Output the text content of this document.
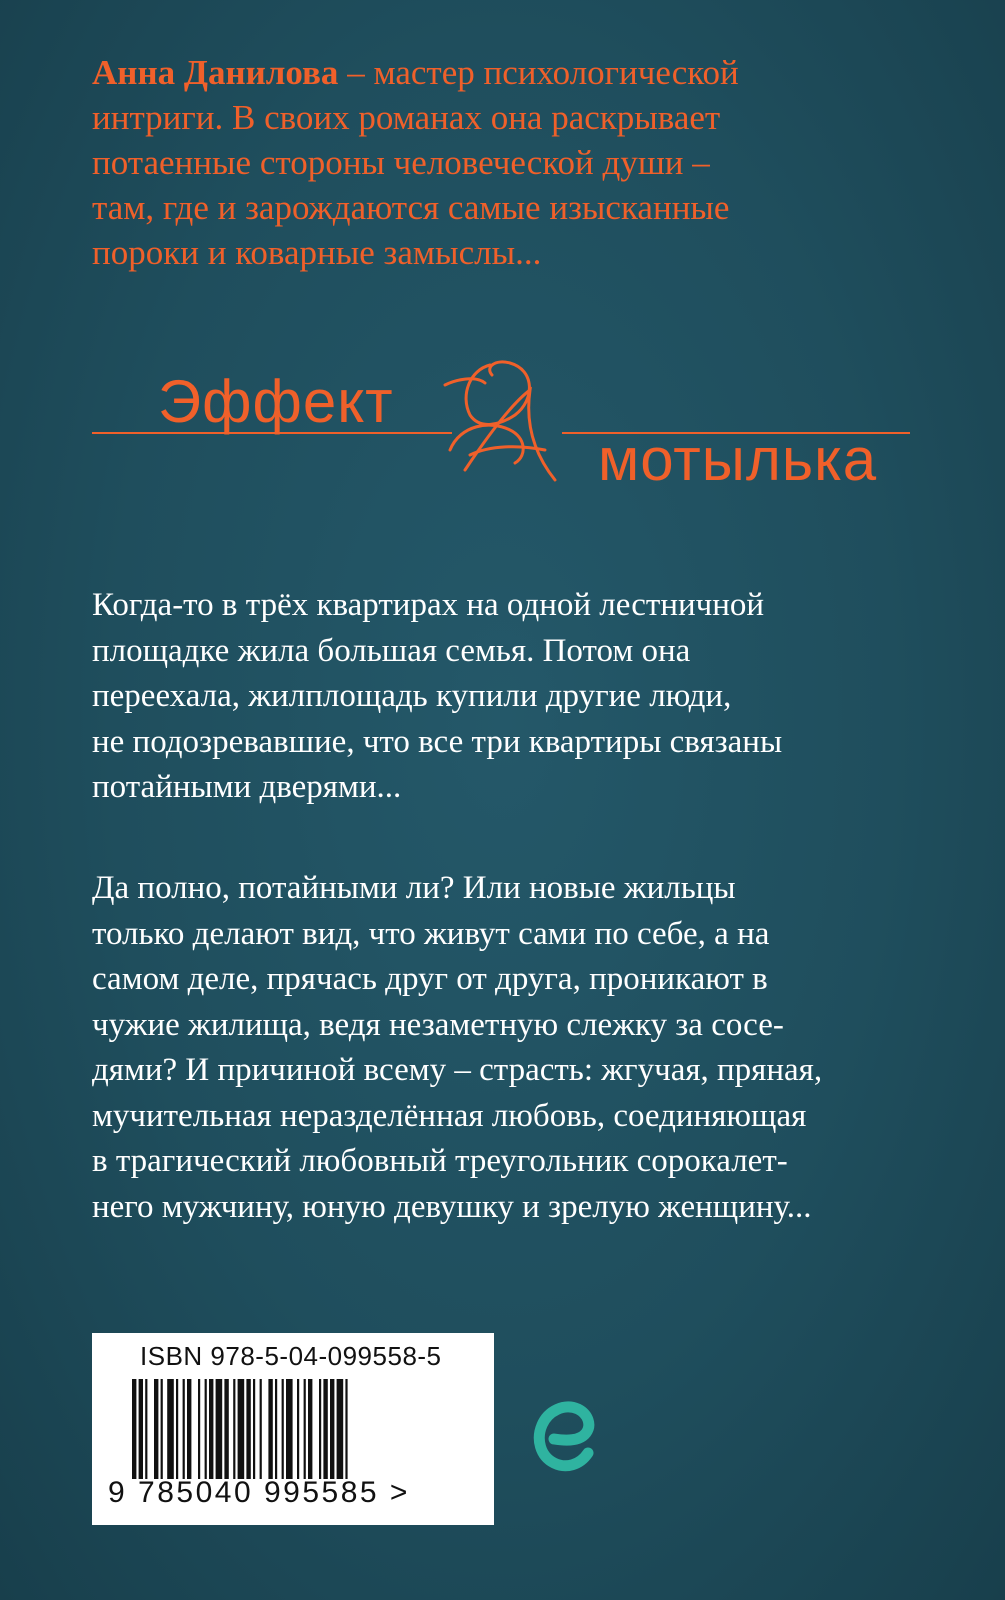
Анна Данилова – мастер психологической
интриги. В своих романах она раскрывает
потаенные стороны человеческой души –
там, где и зарождаются самые изысканные
пороки и коварные замыслы...
Эффект
мотылька
Когда-то в трёх квартирах на одной лестничной
площадке жила большая семья. Потом она
переехала, жилплощадь купили другие люди,
не подозревавшие, что все три квартиры связаны
потайными дверями...
Да полно, потайными ли? Или новые жильцы
только делают вид, что живут сами по себе, а на
самом деле, прячась друг от друга, проникают в
чужие жилища, ведя незаметную слежку за сосе-
дями? И причиной всему – страсть: жгучая, пряная,
мучительная неразделённая любовь, соединяющая
в трагический любовный треугольник сорокалет-
него мужчину, юную девушку и зрелую женщину...
ISBN 978-5-04-099558-5
9 785040 995585 >
